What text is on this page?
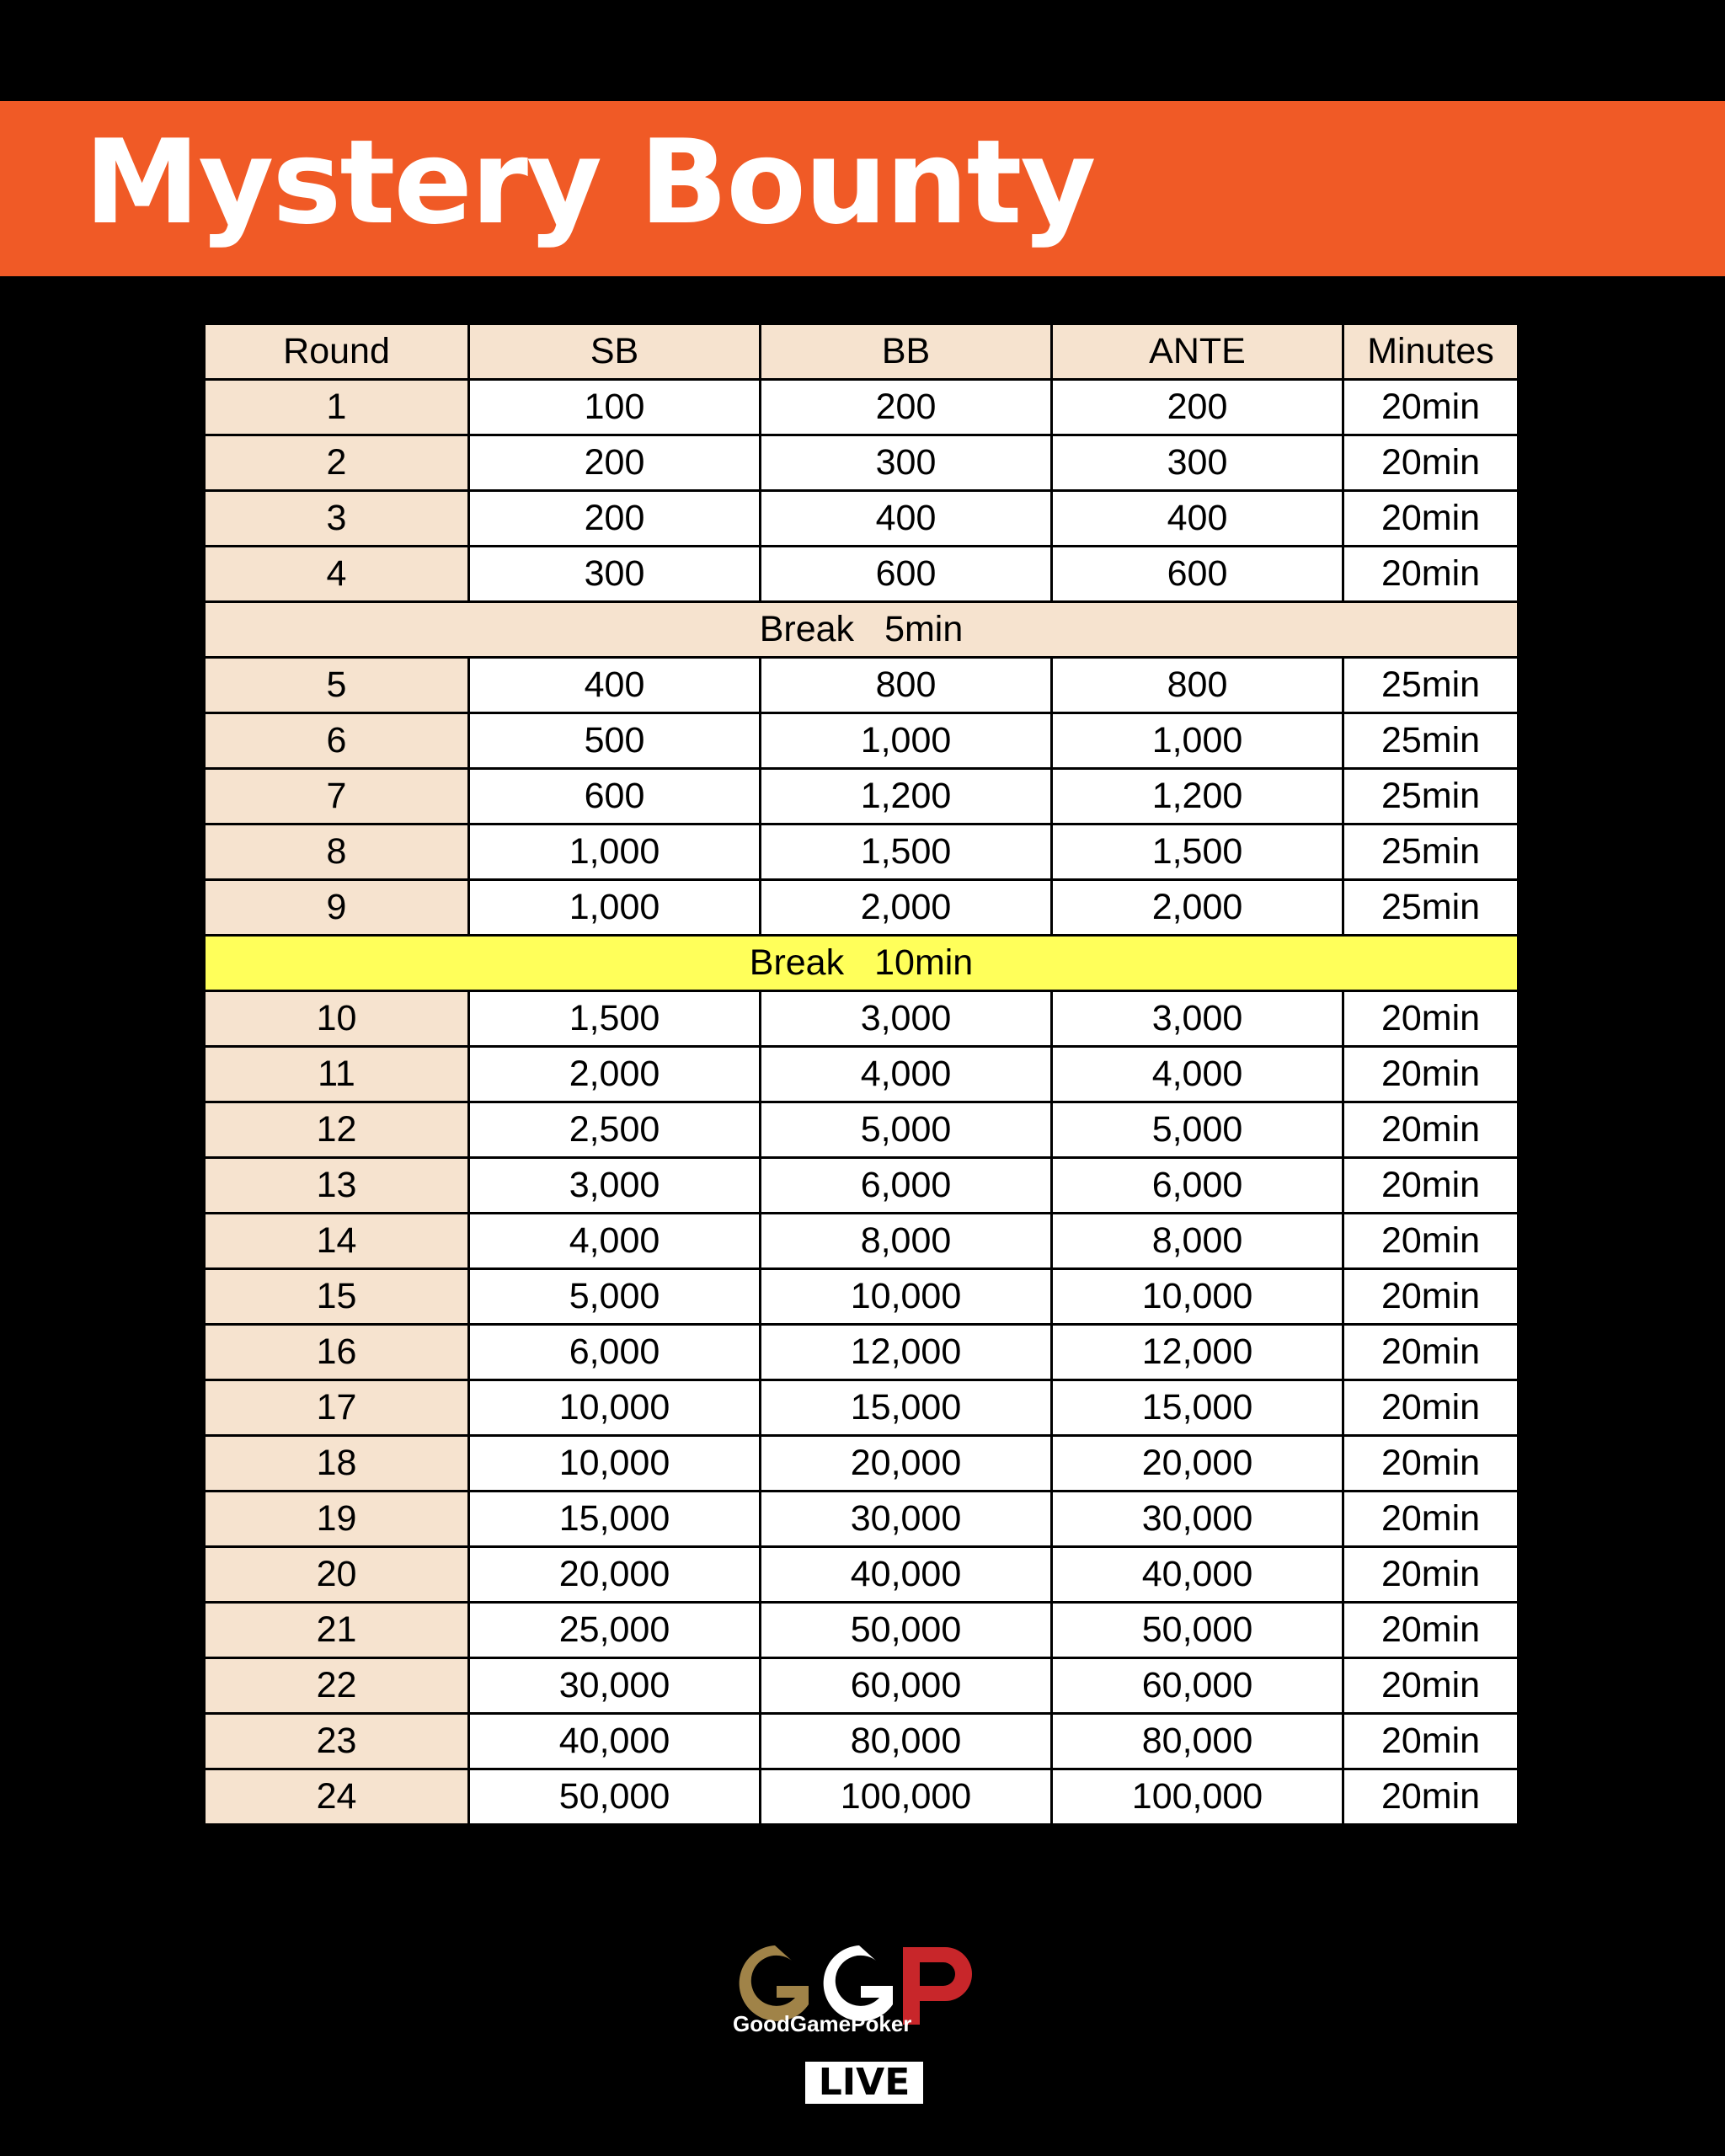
Mystery Bounty
Round	SB	BB	ANTE	Minutes
1	100	200	200	20min
2	200	300	300	20min
3	200	400	400	20min
4	300	600	600	20min
Break 5min				
5	400	800	800	25min
6	500	1,000	1,000	25min
7	600	1,200	1,200	25min
8	1,000	1,500	1,500	25min
9	1,000	2,000	2,000	25min
Break 10min				
10	1,500	3,000	3,000	20min
11	2,000	4,000	4,000	20min
12	2,500	5,000	5,000	20min
13	3,000	6,000	6,000	20min
14	4,000	8,000	8,000	20min
15	5,000	10,000	10,000	20min
16	6,000	12,000	12,000	20min
17	10,000	15,000	15,000	20min
18	10,000	20,000	20,000	20min
19	15,000	30,000	30,000	20min
20	20,000	40,000	40,000	20min
21	25,000	50,000	50,000	20min
22	30,000	60,000	60,000	20min
23	40,000	80,000	80,000	20min
24	50,000	100,000	100,000	20min
GoodGamePoker
LIVE
